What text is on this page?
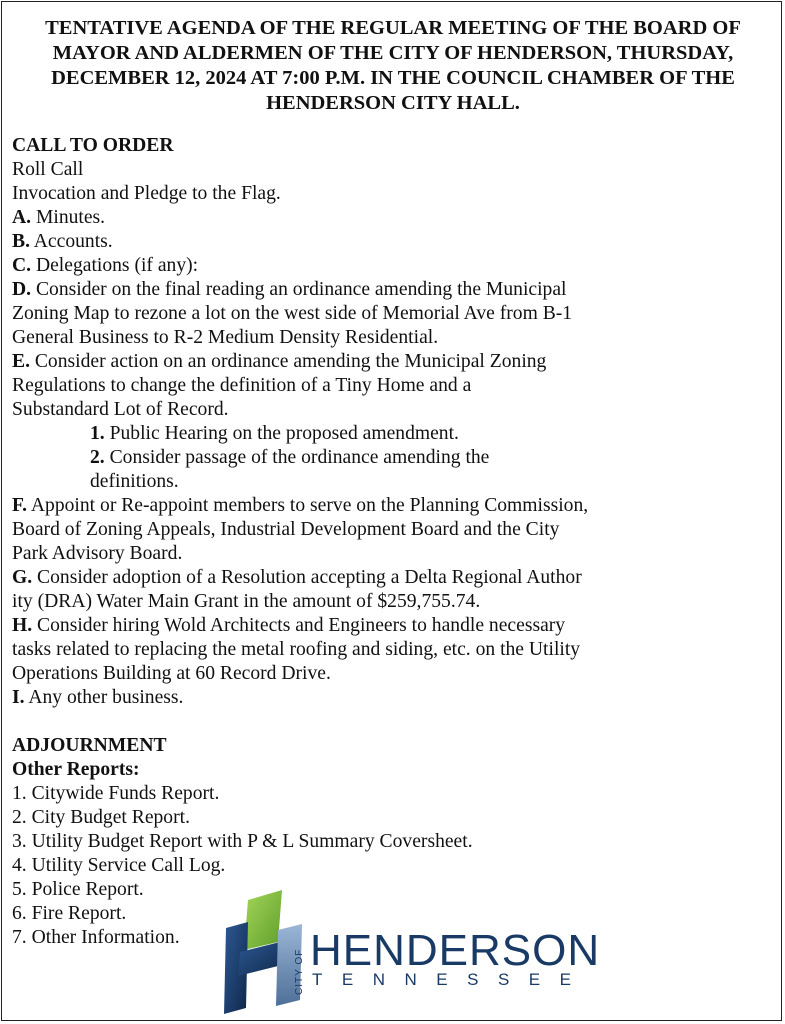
TENTATIVE AGENDA OF THE REGULAR MEETING OF THE BOARD OF MAYOR AND ALDERMEN OF THE CITY OF HENDERSON, THURSDAY, DECEMBER 12, 2024 AT 7:00 P.M. IN THE COUNCIL CHAMBER OF THE HENDERSON CITY HALL.
CALL TO ORDER
Roll Call
Invocation and Pledge to the Flag.
A. Minutes.
B. Accounts.
C. Delegations (if any):
D. Consider on the final reading an ordinance amending the Municipal
Zoning Map to rezone a lot on the west side of Memorial Ave from B-1
General Business to R-2 Medium Density Residential.
E. Consider action on an ordinance amending the Municipal Zoning
Regulations to change the definition of a Tiny Home and a
Substandard Lot of Record.
1. Public Hearing on the proposed amendment.
2. Consider passage of the ordinance amending the
definitions.
F. Appoint or Re-appoint members to serve on the Planning Commission,
Board of Zoning Appeals, Industrial Development Board and the City
Park Advisory Board.
G. Consider adoption of a Resolution accepting a Delta Regional Author
ity (DRA) Water Main Grant in the amount of $259,755.74.
H. Consider hiring Wold Architects and Engineers to handle necessary
tasks related to replacing the metal roofing and siding, etc. on the Utility
Operations Building at 60 Record Drive.
I. Any other business.
ADJOURNMENT
Other Reports:
1. Citywide Funds Report.
2. City Budget Report.
3. Utility Budget Report with P & L Summary Coversheet.
4. Utility Service Call Log.
5. Police Report.
6. Fire Report.
7. Other Information.
CITY OF HENDERSON
TENNESSEE
